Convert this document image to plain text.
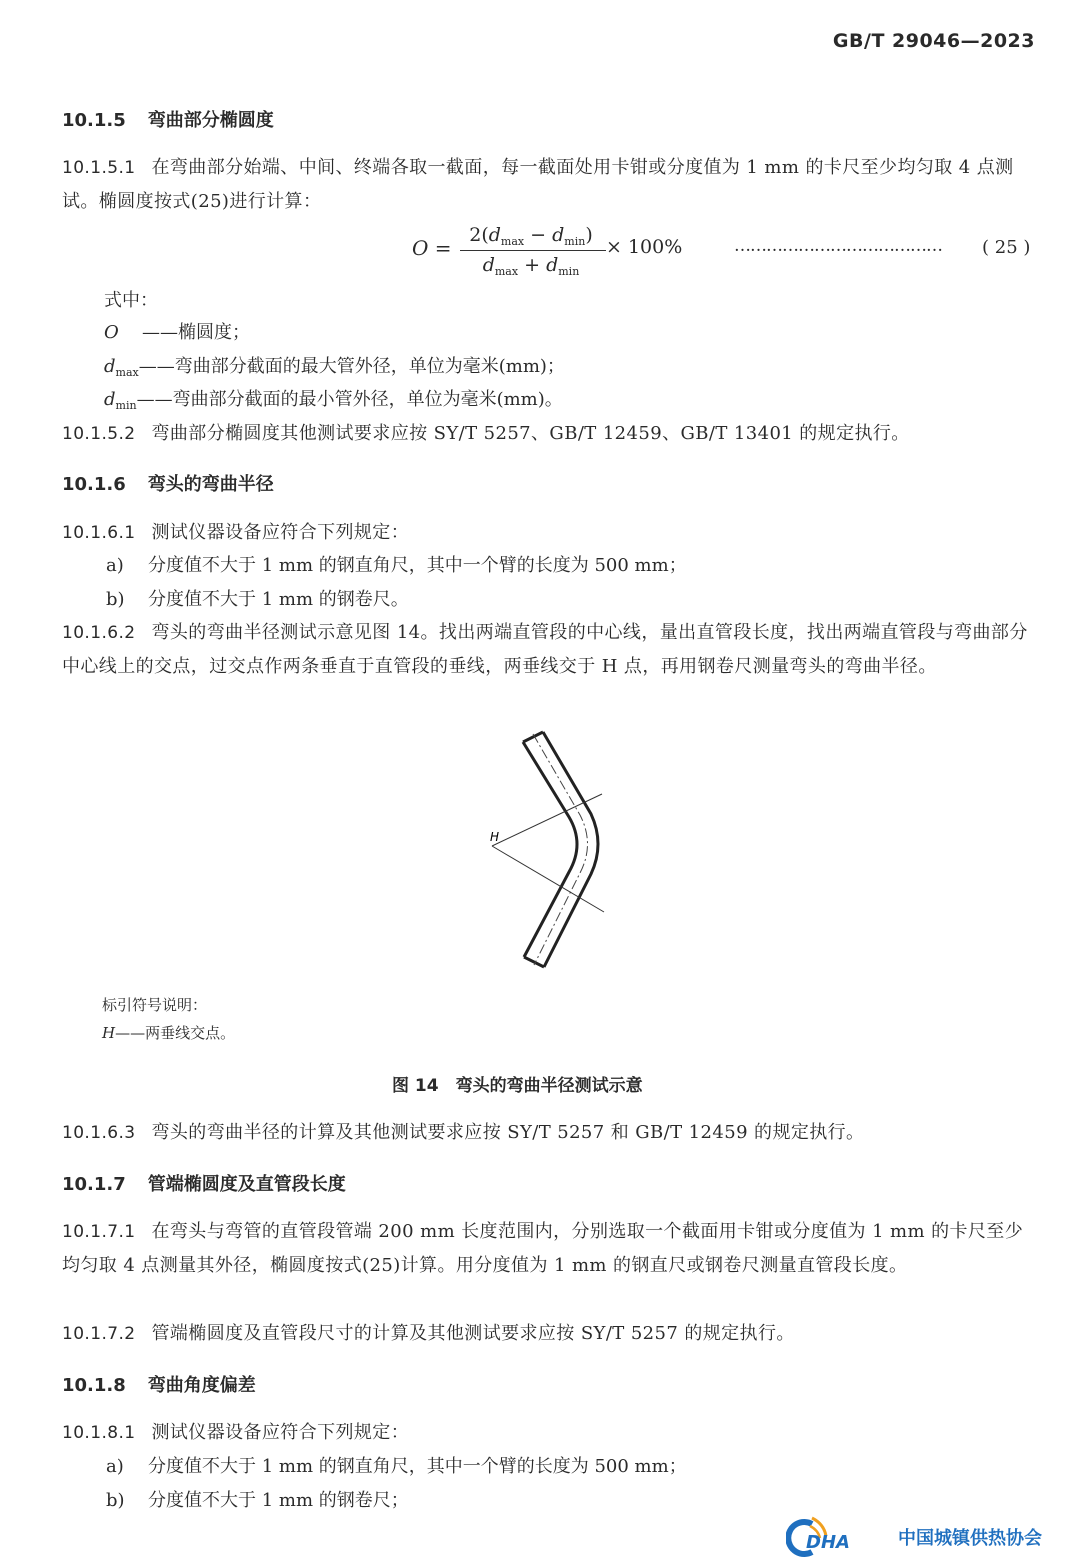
GB/T 29046—2023
10.1.5 弯曲部分椭圆度
10.1.5.1 在弯曲部分始端、中间、终端各取一截面，每一截面处用卡钳或分度值为 1 mm 的卡尺至少均匀取 4 点测试。椭圆度按式(25)进行计算：
O =
$2(d_{max} - d_{min})$
$d_{max} + d_{min}$
× 100%	………………………………… ( 25 )
式中：
O ——椭圆度；
$d_{max}——$弯曲部分截面的最大管外径，单位为毫米(mm)；
$d_{min}——$弯曲部分截面的最小管外径，单位为毫米(mm)。
10.1.5.2 弯曲部分椭圆度其他测试要求应按 SY/T 5257、GB/T 12459、GB/T 13401 的规定执行。
10.1.6 弯头的弯曲半径
10.1.6.1 测试仪器设备应符合下列规定：
a) 分度值不大于 1 mm 的钢直角尺，其中一个臂的长度为 500 mm；
b) 分度值不大于 1 mm 的钢卷尺。
10.1.6.2 弯头的弯曲半径测试示意见图 14。找出两端直管段的中心线，量出直管段长度，找出两端直管段与弯曲部分中心线上的交点，过交点作两条垂直于直管段的垂线，两垂线交于 H 点，再用钢卷尺测量弯头的弯曲半径。
H
标引符号说明：
H——两垂线交点。
图 14　弯头的弯曲半径测试示意
10.1.6.3 弯头的弯曲半径的计算及其他测试要求应按 SY/T 5257 和 GB/T 12459 的规定执行。
10.1.7 管端椭圆度及直管段长度
10.1.7.1 在弯头与弯管的直管段管端 200 mm 长度范围内，分别选取一个截面用卡钳或分度值为 1 mm 的卡尺至少均匀取 4 点测量其外径，椭圆度按式(25)计算。用分度值为 1 mm 的钢直尺或钢卷尺测量直管段长度。
10.1.7.2 管端椭圆度及直管段尺寸的计算及其他测试要求应按 SY/T 5257 的规定执行。
10.1.8 弯曲角度偏差
10.1.8.1 测试仪器设备应符合下列规定：
a) 分度值不大于 1 mm 的钢直角尺，其中一个臂的长度为 500 mm；
b) 分度值不大于 1 mm 的钢卷尺；
DHA	中国城镇供热协会
